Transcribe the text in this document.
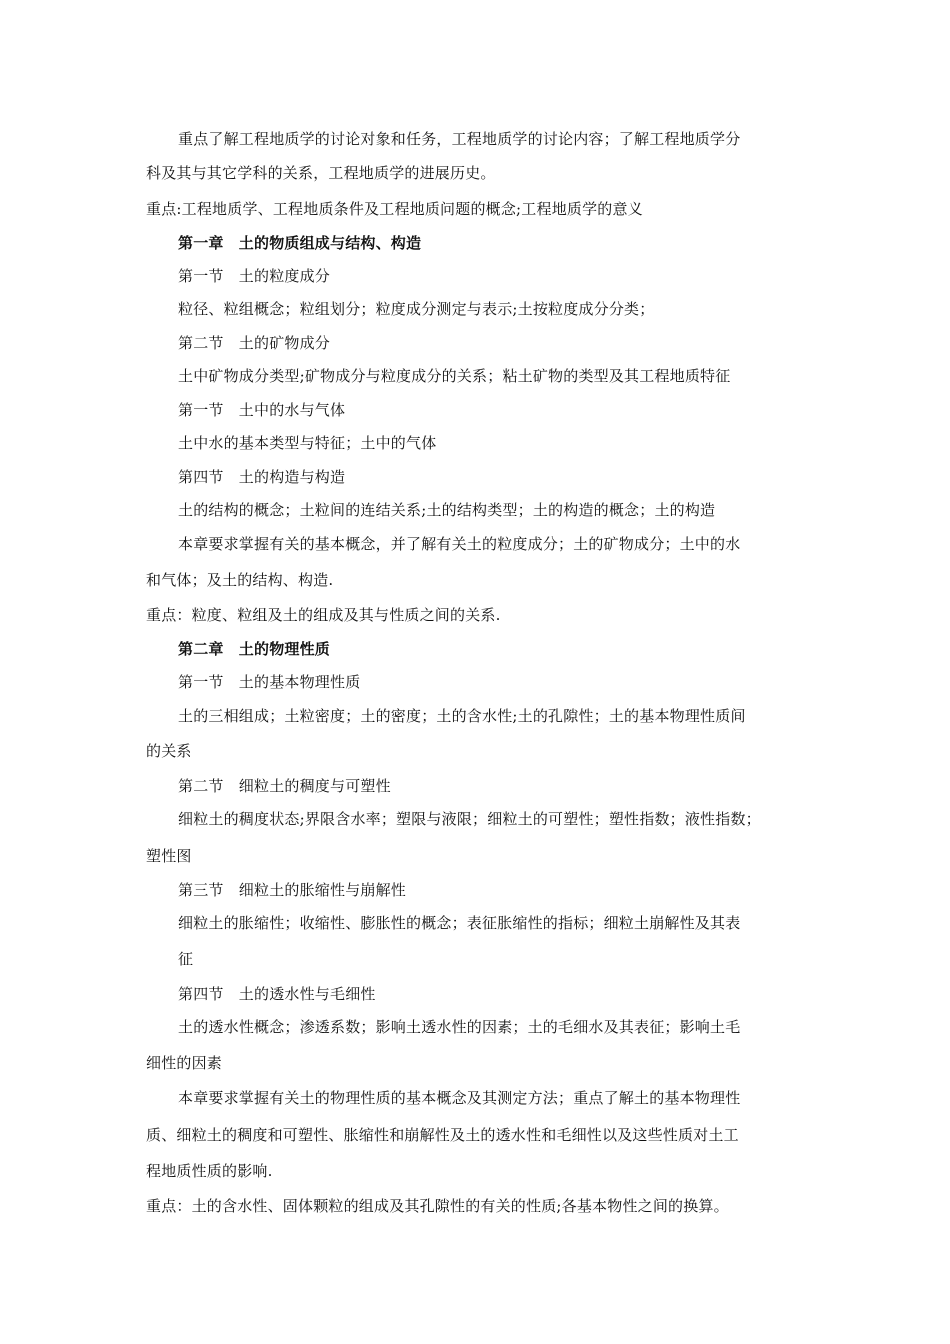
重点了解工程地质学的讨论对象和任务，工程地质学的讨论内容；了解工程地质学分
科及其与其它学科的关系，工程地质学的进展历史。
重点:工程地质学、工程地质条件及工程地质问题的概念;工程地质学的意义
第一章　土的物质组成与结构、构造
第一节　土的粒度成分
粒径、粒组概念；粒组划分；粒度成分测定与表示;土按粒度成分分类；
第二节　土的矿物成分
土中矿物成分类型;矿物成分与粒度成分的关系；粘土矿物的类型及其工程地质特征
第一节　土中的水与气体
土中水的基本类型与特征；土中的气体
第四节　土的构造与构造
土的结构的概念；土粒间的连结关系;土的结构类型；土的构造的概念；土的构造
本章要求掌握有关的基本概念，并了解有关土的粒度成分；土的矿物成分；土中的水
和气体；及土的结构、构造.
重点：粒度、粒组及土的组成及其与性质之间的关系.
第二章　土的物理性质
第一节　土的基本物理性质
土的三相组成；土粒密度；土的密度；土的含水性;土的孔隙性；土的基本物理性质间
的关系
第二节　细粒土的稠度与可塑性
细粒土的稠度状态;界限含水率；塑限与液限；细粒土的可塑性；塑性指数；液性指数；
塑性图
第三节　细粒土的胀缩性与崩解性
细粒土的胀缩性；收缩性、膨胀性的概念；表征胀缩性的指标；细粒土崩解性及其表
征
第四节　土的透水性与毛细性
土的透水性概念；渗透系数；影响土透水性的因素；土的毛细水及其表征；影响土毛
细性的因素
本章要求掌握有关土的物理性质的基本概念及其测定方法；重点了解土的基本物理性
质、细粒土的稠度和可塑性、胀缩性和崩解性及土的透水性和毛细性以及这些性质对土工
程地质性质的影响.
重点：土的含水性、固体颗粒的组成及其孔隙性的有关的性质;各基本物性之间的换算。
